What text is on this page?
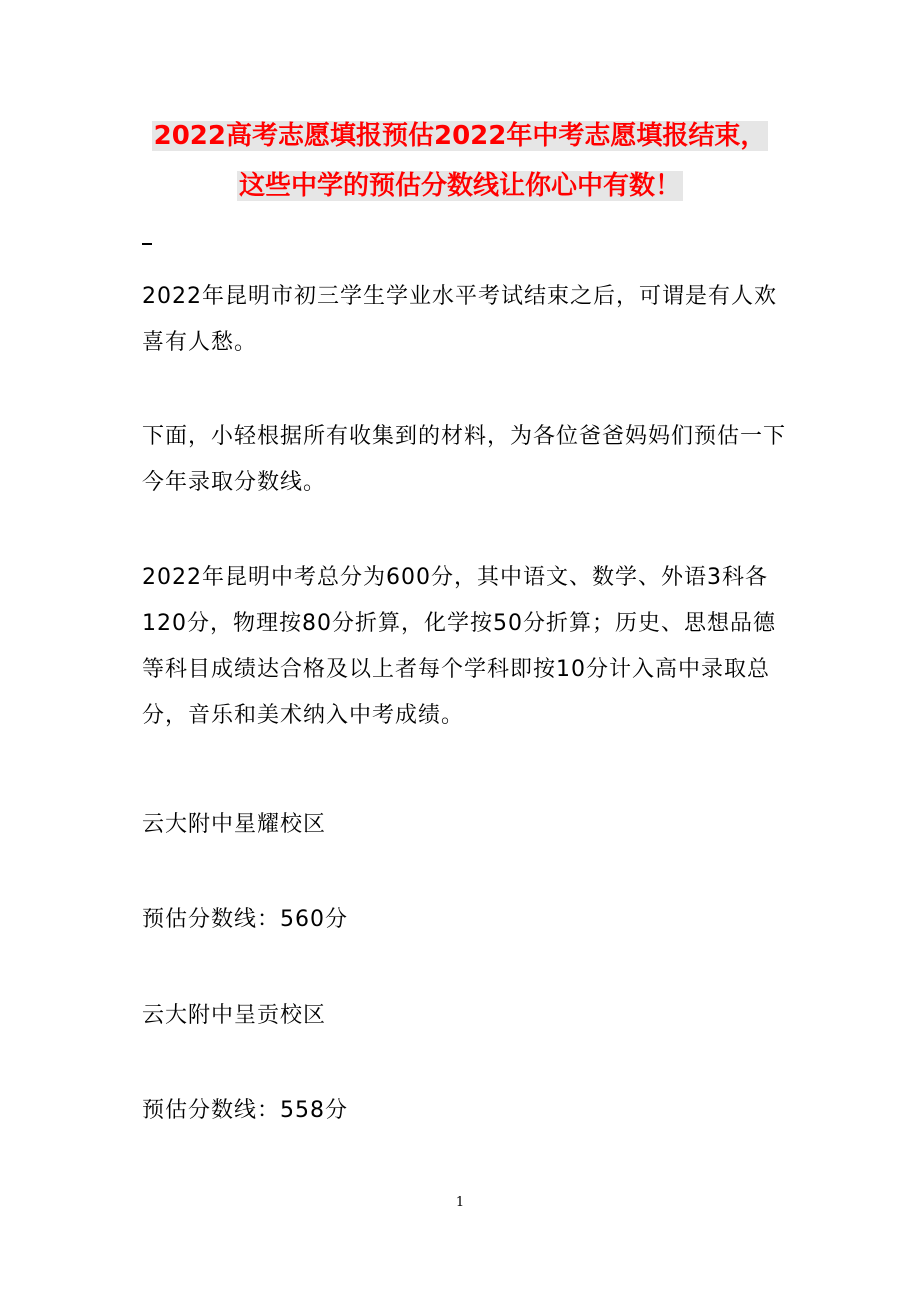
2022高考志愿填报预估2022年中考志愿填报结束，
这些中学的预估分数线让你心中有数！

2022年昆明市初三学生学业水平考试结束之后，可谓是有人欢喜有人愁。

下面，小轻根据所有收集到的材料，为各位爸爸妈妈们预估一下今年录取分数线。

2022年昆明中考总分为600分，其中语文、数学、外语3科各120分，物理按80分折算，化学按50分折算；历史、思想品德等科目成绩达合格及以上者每个学科即按10分计入高中录取总分，音乐和美术纳入中考成绩。

云大附中星耀校区

预估分数线：560分

云大附中呈贡校区

预估分数线：558分

1
